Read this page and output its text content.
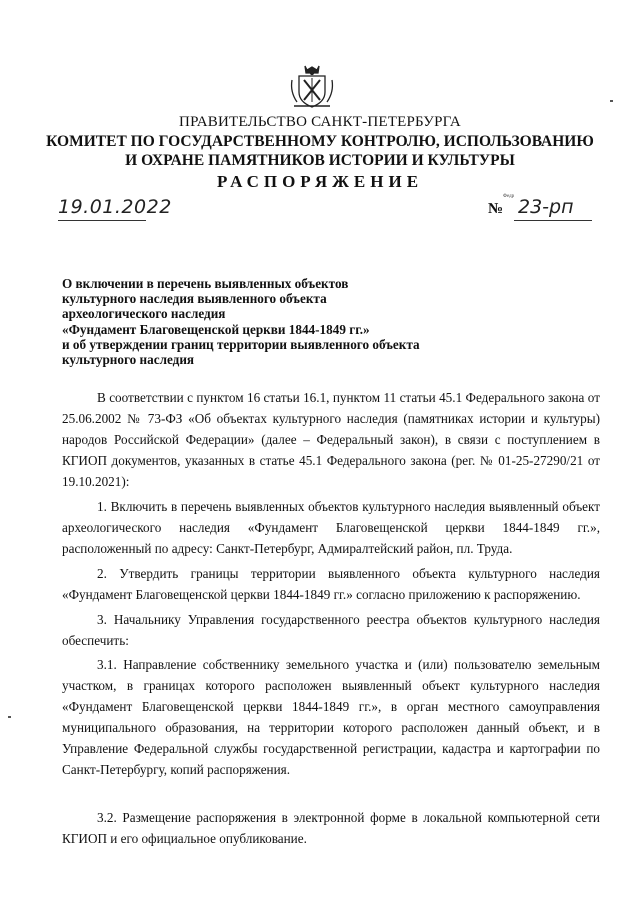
ПРАВИТЕЛЬСТВО САНКТ-ПЕТЕРБУРГА
КОМИТЕТ ПО ГОСУДАРСТВЕННОМУ КОНТРОЛЮ, ИСПОЛЬЗОВАНИЮ
И ОХРАНЕ ПАМЯТНИКОВ ИСТОРИИ И КУЛЬТУРЫ
РАСПОРЯЖЕНИЕ
19.01.2022	Федр
№ 23-рп
О включении в перечень выявленных объектов
культурного наследия выявленного объекта
археологического наследия
«Фундамент Благовещенской церкви 1844-1849 гг.»
и об утверждении границ территории выявленного объекта
культурного наследия

В соответствии с пунктом 16 статьи 16.1, пунктом 11 статьи 45.1 Федерального закона от 25.06.2002 № 73-ФЗ «Об объектах культурного наследия (памятниках истории и культуры) народов Российской Федерации» (далее – Федеральный закон), в связи с поступлением в КГИОП документов, указанных в статье 45.1 Федерального закона (рег. № 01-25-27290/21 от 19.10.2021):

1. Включить в перечень выявленных объектов культурного наследия выявленный объект археологического наследия «Фундамент Благовещенской церкви 1844-1849 гг.», расположенный по адресу: Санкт-Петербург, Адмиралтейский район, пл. Труда.

2. Утвердить границы территории выявленного объекта культурного наследия «Фундамент Благовещенской церкви 1844-1849 гг.» согласно приложению к распоряжению.

3. Начальнику Управления государственного реестра объектов культурного наследия обеспечить:

3.1. Направление собственнику земельного участка и (или) пользователю земельным участком, в границах которого расположен выявленный объект культурного наследия «Фундамент Благовещенской церкви 1844-1849 гг.», в орган местного самоуправления муниципального образования, на территории которого расположен данный объект, и в Управление Федеральной службы государственной регистрации, кадастра и картографии по Санкт-Петербургу, копий распоряжения.

3.2. Размещение распоряжения в электронной форме в локальной компьютерной сети КГИОП и его официальное опубликование.
